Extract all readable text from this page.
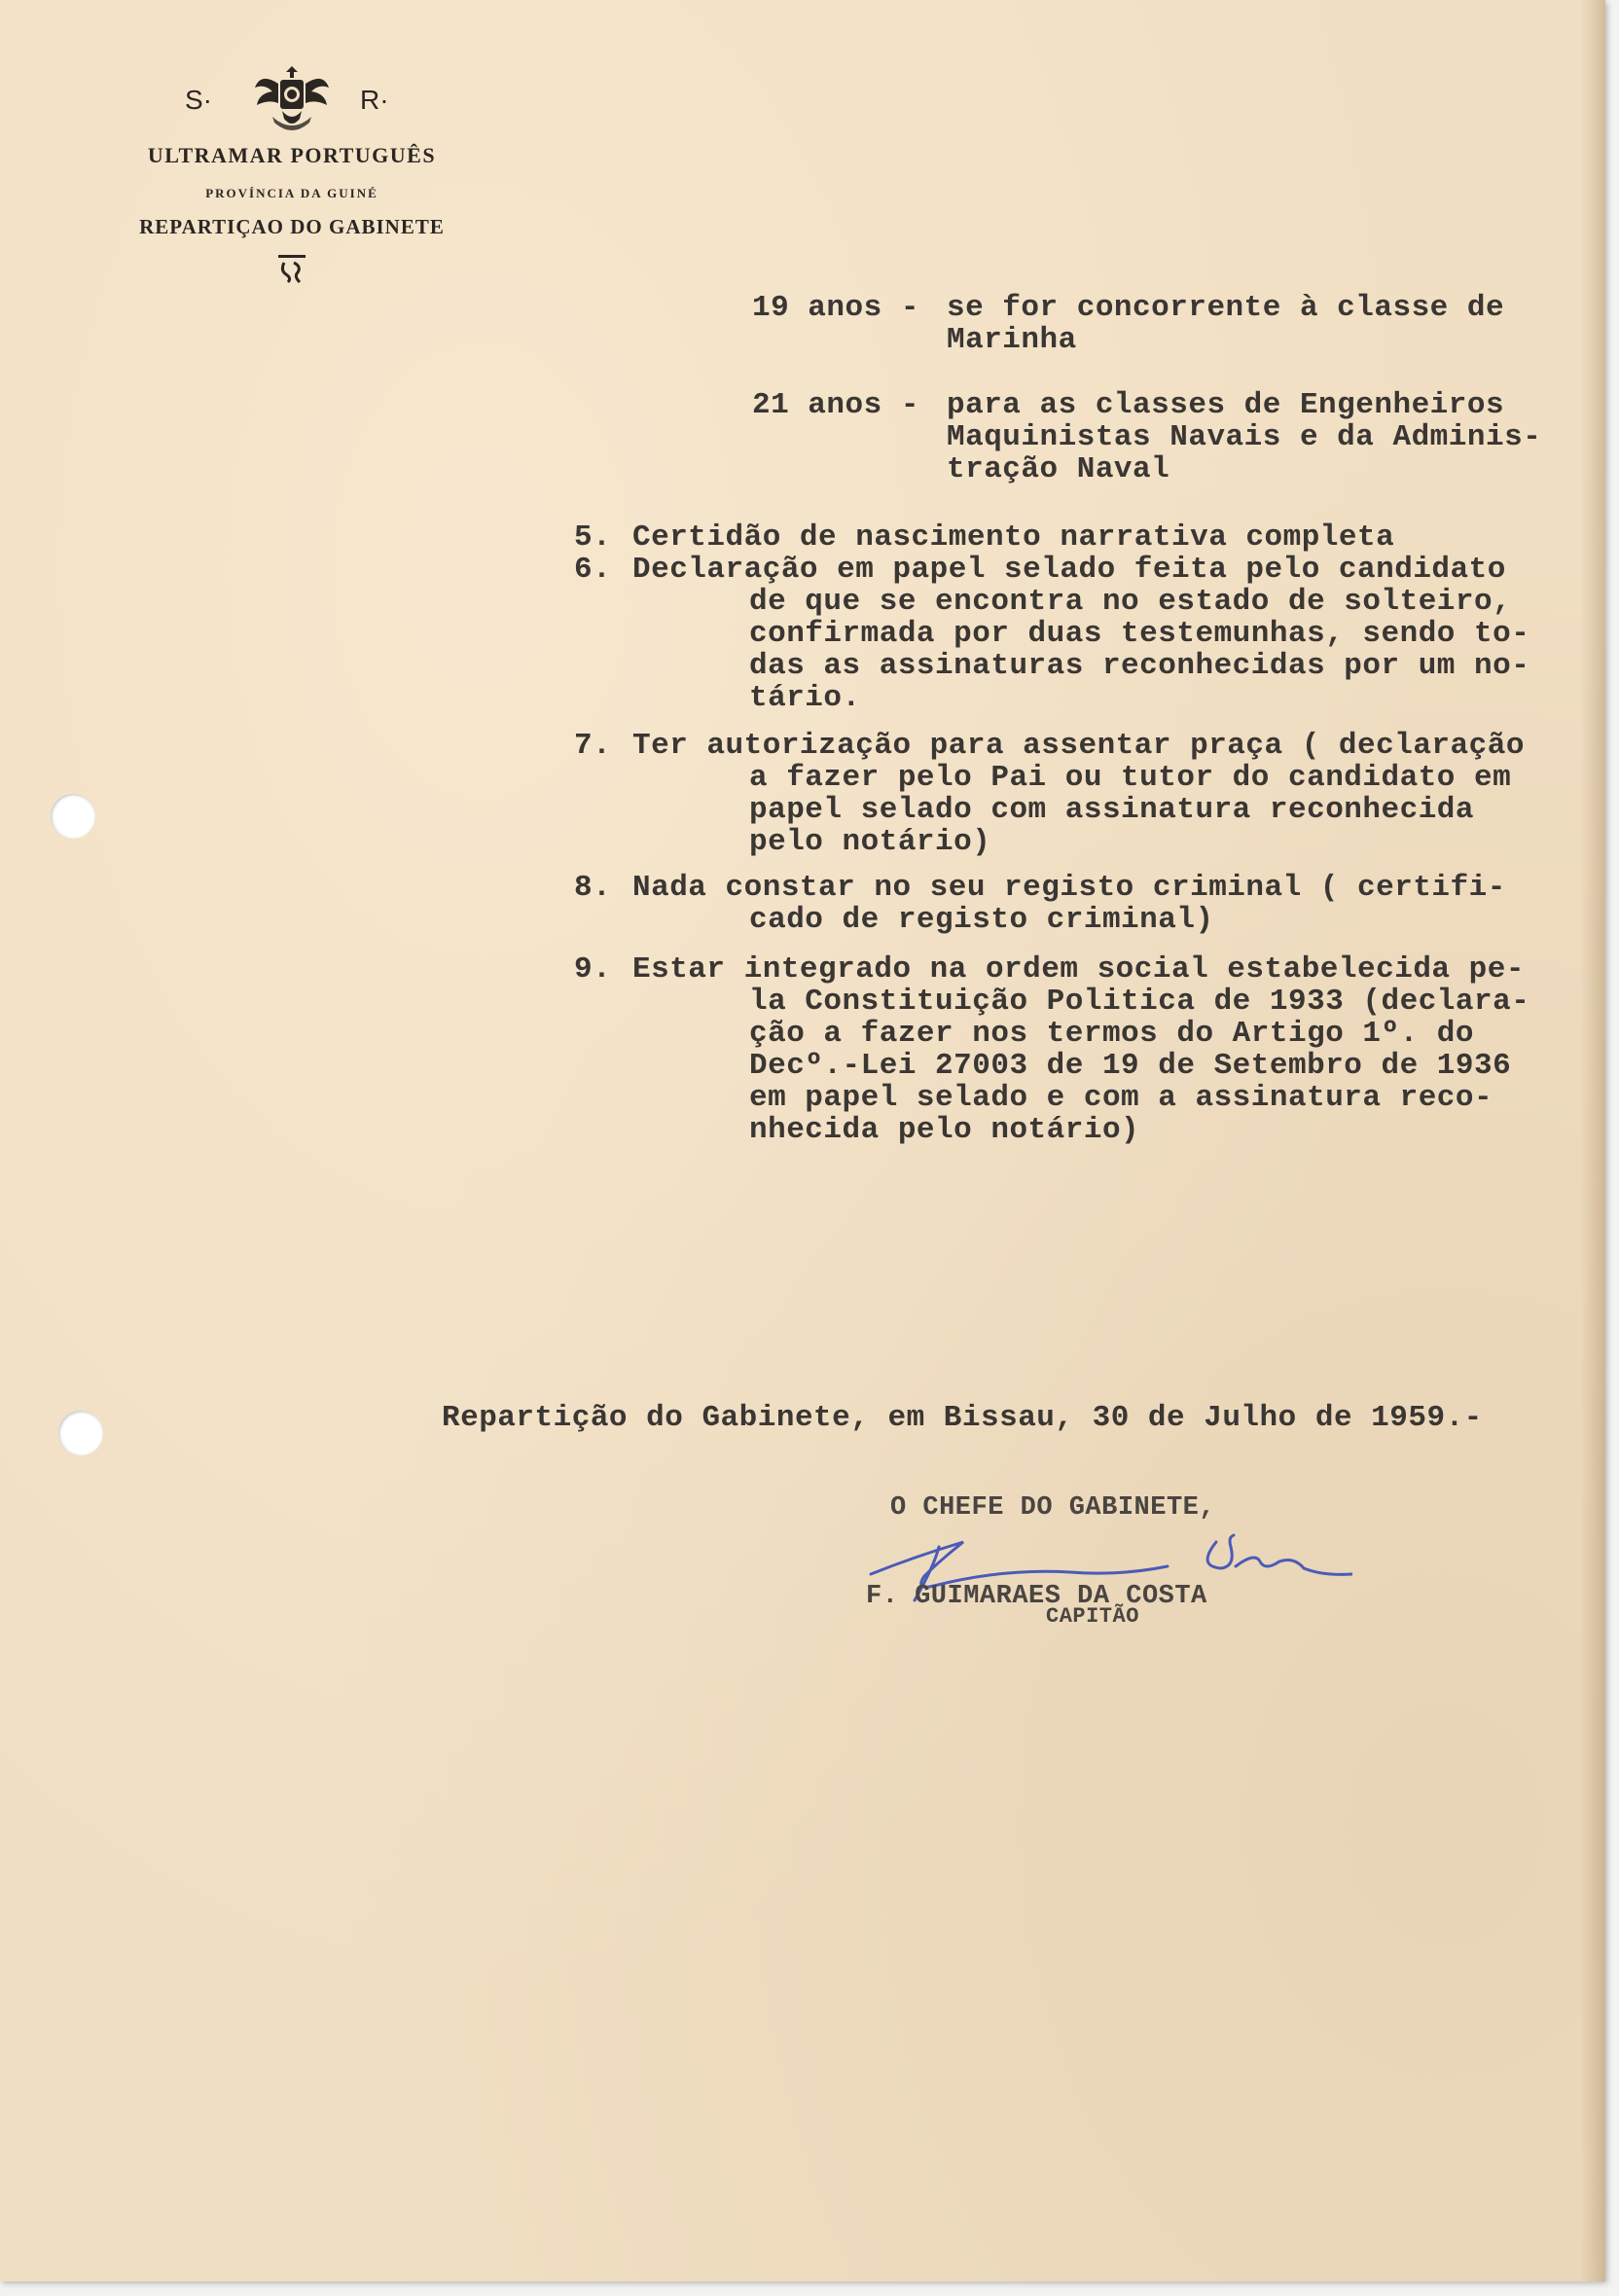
S·	R·
ULTRAMAR PORTUGUÊS
PROVÍNCIA DA GUINÉ
REPARTIÇAO DO GABINETE

19 anos -

se for concorrente à classe de

Marinha

21 anos -

para as classes de Engenheiros

Maquinistas Navais e da Adminis-

tração Naval

5.

Certidão de nascimento narrativa completa

6.

Declaração em papel selado feita pelo candidato

de que se encontra no estado de solteiro,

confirmada por duas testemunhas, sendo to-

das as assinaturas reconhecidas por um no-

tário.

7.

Ter autorização para assentar praça ( declaração

a fazer pelo Pai ou tutor do candidato em

papel selado com assinatura reconhecida

pelo notário)

8.

Nada constar no seu registo criminal ( certifi-

cado de registo criminal)

9.

Estar integrado na ordem social estabelecida pe-

la Constituição Politica de 1933 (declara-

ção a fazer nos termos do Artigo 1º. do

Decº.-Lei 27003 de 19 de Setembro de 1936

em papel selado e com a assinatura reco-

nhecida pelo notário)

Repartição do Gabinete, em Bissau, 30 de Julho de 1959.-
O CHEFE DO GABINETE,
F. GUIMARAES DA COSTA
CAPITÃO
